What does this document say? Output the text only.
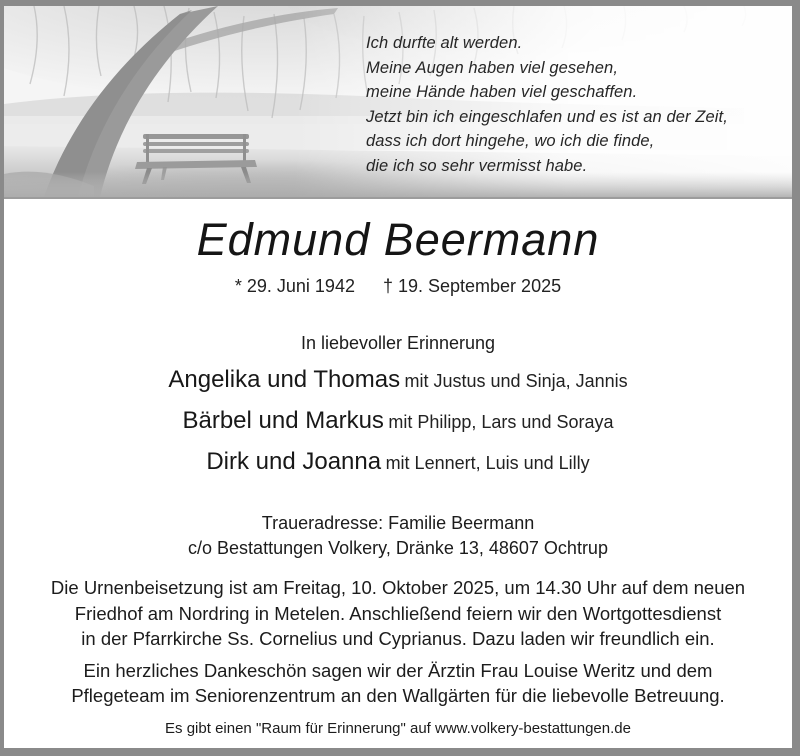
Ich durfte alt werden.
Meine Augen haben viel gesehen,
meine Hände haben viel geschaffen.
Jetzt bin ich eingeschlafen und es ist an der Zeit,
dass ich dort hingehe, wo ich die finde,
die ich so sehr vermisst habe.
Edmund Beermann
* 29. Juni 1942 † 19. September 2025
In liebevoller Erinnerung
Angelika und Thomas mit Justus und Sinja, Jannis
Bärbel und Markus mit Philipp, Lars und Soraya
Dirk und Joanna mit Lennert, Luis und Lilly
Traueradresse: Familie Beermann
c/o Bestattungen Volkery, Dränke 13, 48607 Ochtrup
Die Urnenbeisetzung ist am Freitag, 10. Oktober 2025, um 14.30 Uhr auf dem neuen
Friedhof am Nordring in Metelen. Anschließend feiern wir den Wortgottesdienst
in der Pfarrkirche Ss. Cornelius und Cyprianus. Dazu laden wir freundlich ein.
Ein herzliches Dankeschön sagen wir der Ärztin Frau Louise Weritz und dem
Pflegeteam im Seniorenzentrum an den Wallgärten für die liebevolle Betreuung.
Es gibt einen "Raum für Erinnerung" auf www.volkery-bestattungen.de
